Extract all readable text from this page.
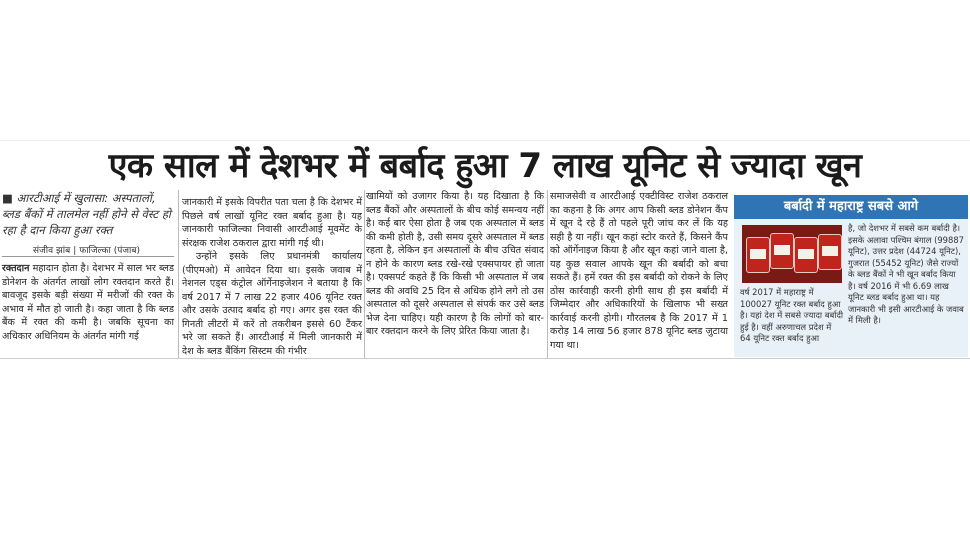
एक साल में देशभर में बर्बाद हुआ 7 लाख यूनिट से ज्यादा खून
■ आरटीआई में खुलासा: अस्पतालों, ब्लड बैंकों में तालमेल नहीं होने से वेस्ट हो रहा है दान किया हुआ रक्त
संजीव झांब | फाजिल्का (पंजाब)

रक्तदान महादान होता है। देशभर में साल भर ब्लड डोनेशन के अंतर्गत लाखों लोग रक्तदान करते हैं। बावजूद इसके बड़ी संख्या में मरीजों की रक्त के अभाव में मौत हो जाती है। कहा जाता है कि ब्लड बैंक में रक्त की कमी है। जबकि सूचना का अधिकार अधिनियम के अंतर्गत मांगी गई

जानकारी में इसके विपरीत पता चला है कि देशभर में पिछले वर्ष लाखों यूनिट रक्त बर्बाद हुआ है। यह जानकारी फाजिल्का निवासी आरटीआई मूवमेंट के संरक्षक राजेश ठकराल द्वारा मांगी गई थी।

उन्होंने इसके लिए प्रधानमंत्री कार्यालय (पीएमओ) में आवेदन दिया था। इसके जवाब में नेशनल एड्स कंट्रोल ऑर्गेनाइजेशन ने बताया है कि वर्ष 2017 में 7 लाख 22 हजार 406 यूनिट रक्त और उसके उत्पाद बर्बाद हो गए। अगर इस रक्त की गिनती लीटरों में करें तो तकरीबन इससे 60 टैंकर भरे जा सकते हैं। आरटीआई में मिली जानकारी में देश के ब्लड बैंकिंग सिस्टम की गंभीर

खामियों को उजागर किया है। यह दिखाता है कि ब्लड बैंकों और अस्पतालों के बीच कोई समन्वय नहीं है। कई बार ऐसा होता है जब एक अस्पताल में ब्लड की कमी होती है, उसी समय दूसरे अस्पताल में ब्लड रहता है, लेकिन इन अस्पतालों के बीच उचित संवाद न होने के कारण ब्लड रखे-रखे एक्सपायर हो जाता है। एक्सपर्ट कहते हैं कि किसी भी अस्पताल में जब ब्लड की अवधि 25 दिन से अधिक होने लगे तो उस अस्पताल को दूसरे अस्पताल से संपर्क कर उसे ब्लड भेज देना चाहिए। यही कारण है कि लोगों को बार-बार रक्तदान करने के लिए प्रेरित किया जाता है।

समाजसेवी व आरटीआई एक्टीविस्ट राजेश ठकराल का कहना है कि अगर आप किसी ब्लड डोनेशन कैंप में खून दे रहे हैं तो पहले पूरी जांच कर लें कि यह सही है या नहीं। खून कहां स्टोर करते हैं, किसने कैंप को ऑर्गेनाइज किया है और खून कहां जाने वाला है, यह कुछ सवाल आपके खून की बर्बादी को बचा सकते हैं। हमें रक्त की इस बर्बादी को रोकने के लिए ठोस कार्रवाही करनी होगी साथ ही इस बर्बादी में जिम्मेदार और अधिकारियों के खिलाफ भी सख्त कार्रवाई करनी होगी। गौरतलब है कि 2017 में 1 करोड़ 14 लाख 56 हजार 878 यूनिट ब्लड जुटाया गया था।

बर्बादी में महाराष्ट्र सबसे आगे
वर्ष 2017 में महाराष्ट्र में 100027 यूनिट रक्त बर्बाद हुआ है। यहां देश में सबसे ज्यादा बर्बादी हुई है। वहीं अरुणाचल प्रदेश में 64 यूनिट रक्त बर्बाद हुआ
है, जो देशभर में सबसे कम बर्बादी है। इसके अलावा पश्चिम बंगाल (99887 यूनिट), उत्तर प्रदेश (44724 यूनिट), गुजरात (55452 यूनिट) जैसे राज्यों के ब्लड बैंकों ने भी खून बर्बाद किया है। वर्ष 2016 में भी 6.69 लाख यूनिट ब्लड बर्बाद हुआ था। यह जानकारी भी इसी आरटीआई के जवाब में मिली है।
